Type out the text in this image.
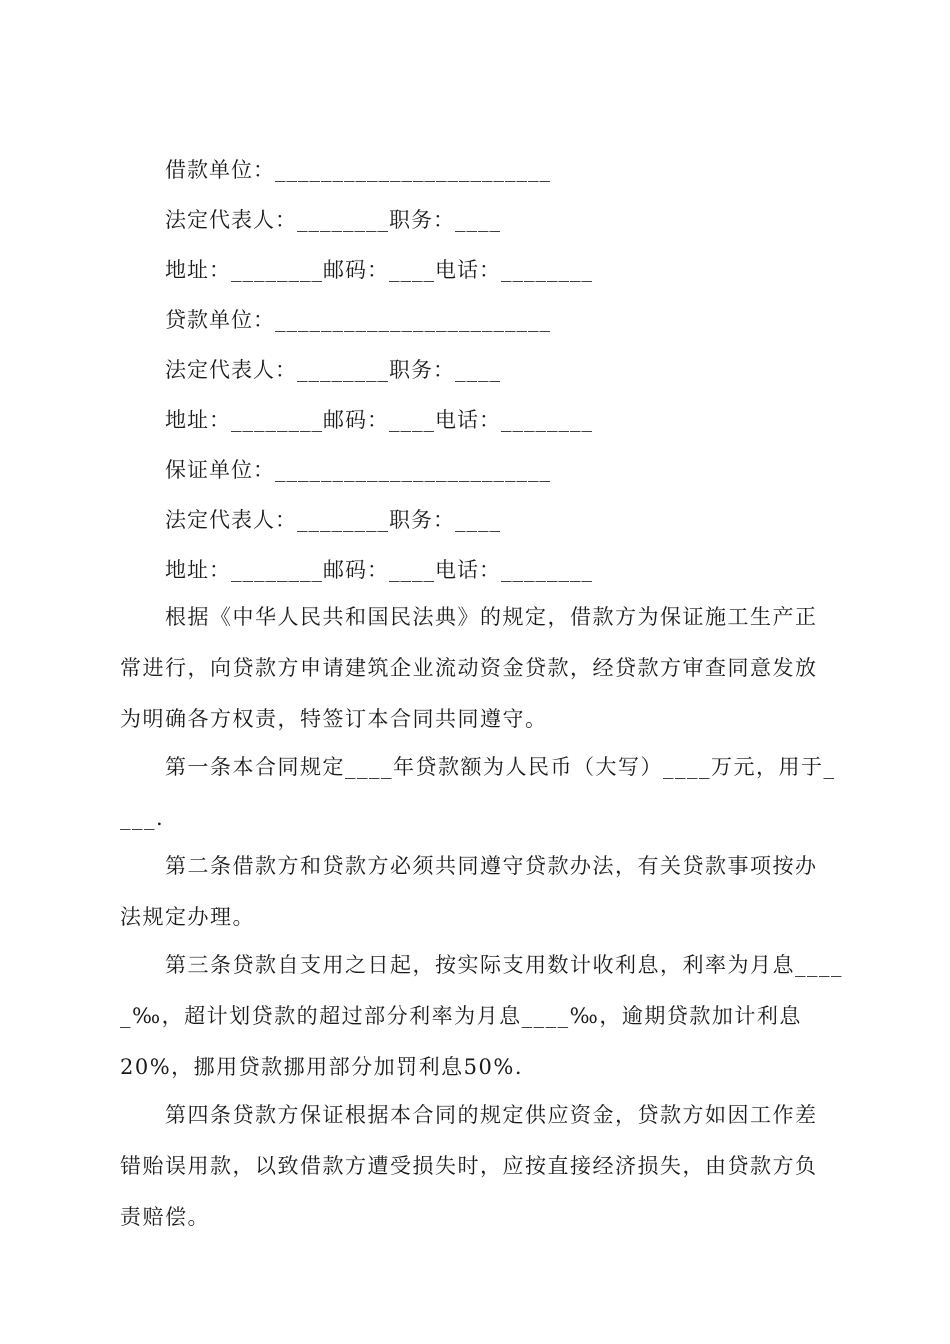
借款单位：________________________
法定代表人：________职务：____
地址：________邮码：____电话：________
贷款单位：________________________
法定代表人：________职务：____
地址：________邮码：____电话：________
保证单位：________________________
法定代表人：________职务：____
地址：________邮码：____电话：________
根据《中华人民共和国民法典》的规定，借款方为保证施工生产正
常进行，向贷款方申请建筑企业流动资金贷款，经贷款方审查同意发放
为明确各方权责，特签订本合同共同遵守。
第一条本合同规定____年贷款额为人民币（大写）____万元，用于_
___.
第二条借款方和贷款方必须共同遵守贷款办法，有关贷款事项按办
法规定办理。
第三条贷款自支用之日起，按实际支用数计收利息，利率为月息____
_‰，超计划贷款的超过部分利率为月息____‰，逾期贷款加计利息
20%，挪用贷款挪用部分加罚利息50%.
第四条贷款方保证根据本合同的规定供应资金，贷款方如因工作差
错贻误用款，以致借款方遭受损失时，应按直接经济损失，由贷款方负
责赔偿。
